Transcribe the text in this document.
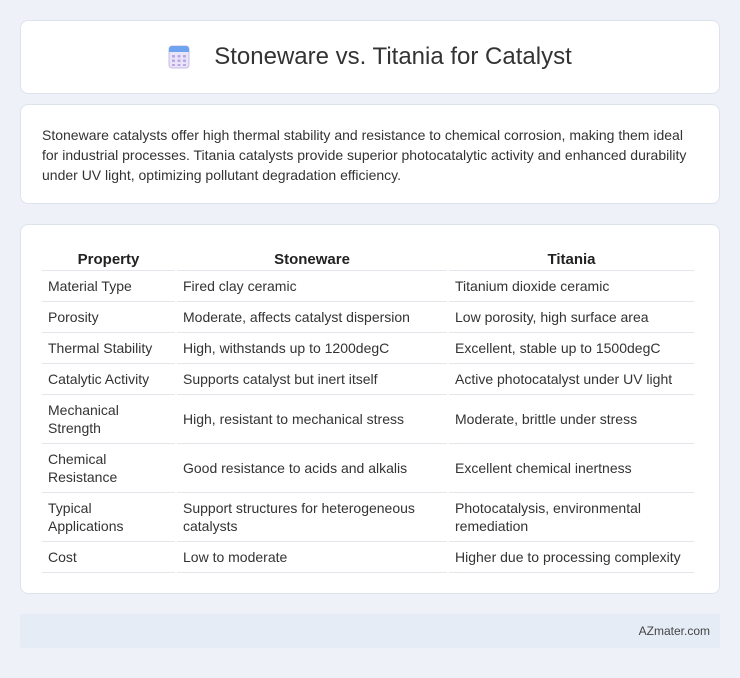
Stoneware vs. Titania for Catalyst

Stoneware catalysts offer high thermal stability and resistance to chemical corrosion, making them ideal for industrial processes. Titania catalysts provide superior photocatalytic activity and enhanced durability under UV light, optimizing pollutant degradation efficiency.

Property	Stoneware	Titania
Material Type	Fired clay ceramic	Titanium dioxide ceramic
Porosity	Moderate, affects catalyst dispersion	Low porosity, high surface area
Thermal Stability	High, withstands up to 1200degC	Excellent, stable up to 1500degC
Catalytic Activity	Supports catalyst but inert itself	Active photocatalyst under UV light
Mechanical Strength	High, resistant to mechanical stress	Moderate, brittle under stress
Chemical Resistance	Good resistance to acids and alkalis	Excellent chemical inertness
Typical Applications	Support structures for heterogeneous catalysts	Photocatalysis, environmental remediation
Cost	Low to moderate	Higher due to processing complexity
AZmater.com
